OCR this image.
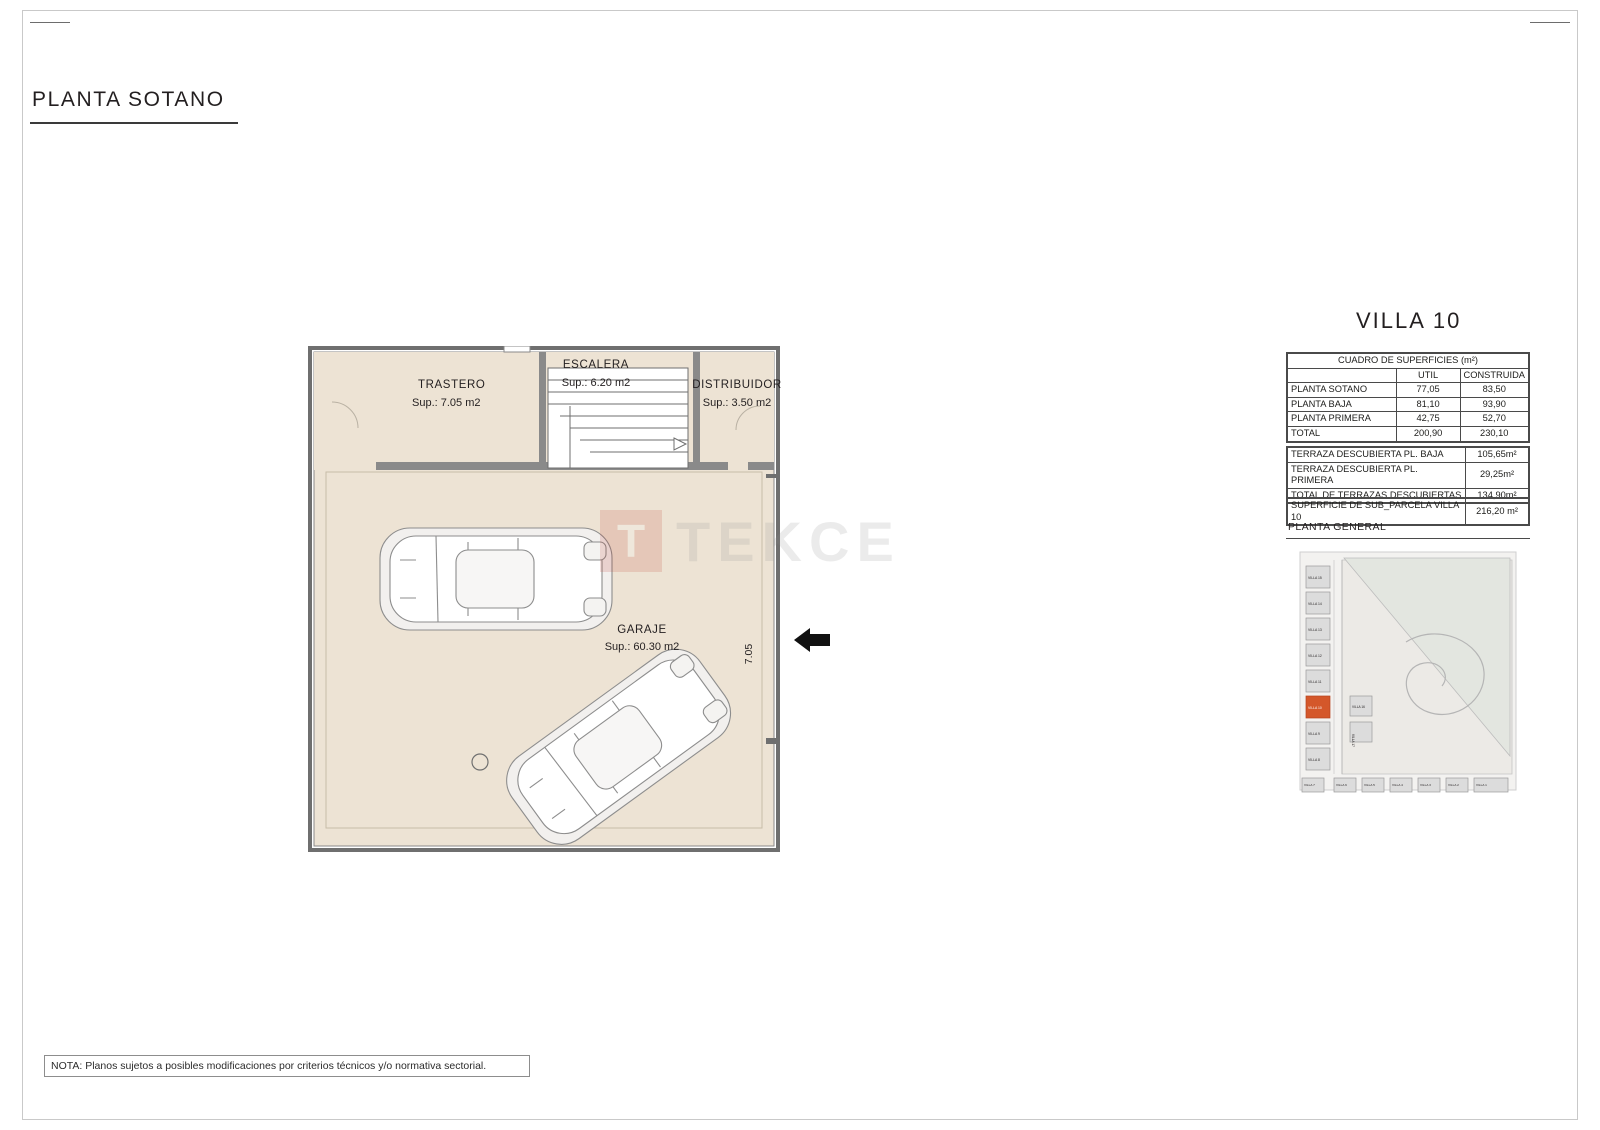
PLANTA SOTANO
TRASTERO
Sup.: 7.05 m2
ESCALERA
Sup.: 6.20 m2	DISTRIBUIDOR
Sup.: 3.50 m2
GARAJE
Sup.: 60.30 m2	7.05
TEKCE
VILLA 10
CUADRO DE SUPERFICIES (m²)		
	UTIL	CONSTRUIDA
PLANTA SOTANO	77,05	83,50
PLANTA BAJA	81,10	93,90
PLANTA PRIMERA	42,75	52,70
TOTAL	200,90	230,10
TERRAZA DESCUBIERTA PL. BAJA	105,65m²
TERRAZA DESCUBIERTA PL. PRIMERA	29,25m²
TOTAL DE TERRAZAS DESCUBIERTAS	134,90m²
SUPERFICIE DE SUB_PARCELA VILLA 10	216,20 m²
PLANTA GENERAL
VILLA 15
VILLA 14
VILLA 13
VILLA 12
VILLA 11
VILLA 10
VILLA 9
VILLA 8
VILLA 16
VILLA 17
VILLA 7	VILLA 6	VILLA 5	VILLA 4	VILLA 3	VILLA 2	VILLA 1
NOTA: Planos sujetos a posibles modificaciones por criterios técnicos y/o normativa sectorial.
